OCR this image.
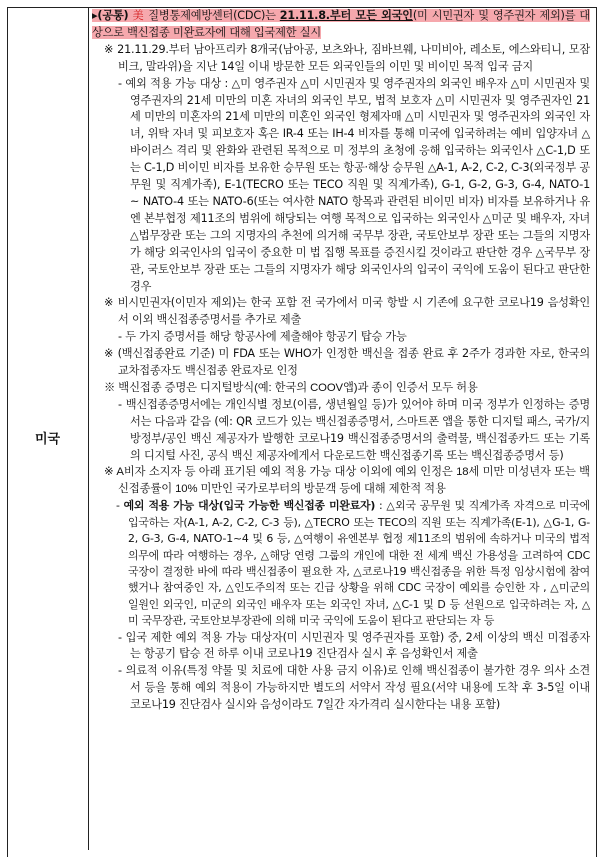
미국

▸(공통) 美 질병통제예방센터(CDC)는 21.11.8.부터 모든 외국인(미 시민권자 및 영주권자 제외)를 대상으로 백신접종 미완료자에 대해 입국제한 실시

※ 21.11.29.부터 남아프리카 8개국(남아공, 보츠와나, 짐바브웨, 나미비아, 레소토, 에스와티니, 모잠비크, 말라위)을 지난 14일 이내 방문한 모든 외국인들의 이민 및 비이민 목적 입국 금지

- 예외 적용 가능 대상 : △미 영주권자 △미 시민권자 및 영주권자의 외국인 배우자 △미 시민권자 및 영주권자의 21세 미만의 미혼 자녀의 외국인 부모, 법적 보호자 △미 시민권자 및 영주권자인 21세 미만의 미혼자의 21세 미만의 미혼인 외국인 형제자매 △미 시민권자 및 영주권자의 외국인 자녀, 위탁 자녀 및 피보호자 혹은 IR-4 또는 IH-4 비자를 통해 미국에 입국하려는 예비 입양자녀 △바이러스 격리 및 완화와 관련된 목적으로 미 정부의 초청에 응해 입국하는 외국인사 △C-1,D 또는 C-1,D 비이민 비자를 보유한 승무원 또는 항공·해상 승무원 △A-1, A-2, C-2, C-3(외국정부 공무원 및 직계가족), E-1(TECRO 또는 TECO 직원 및 직계가족), G-1, G-2, G-3, G-4, NATO-1 ~ NATO-4 또는 NATO-6(또는 여사한 NATO 항목과 관련된 비이민 비자) 비자를 보유하거나 유엔 본부협정 제11조의 범위에 해당되는 여행 목적으로 입국하는 외국인사 △미군 및 배우자, 자녀 △법무장관 또는 그의 지명자의 추천에 의거해 국무부 장관, 국토안보부 장관 또는 그들의 지명자가 해당 외국인사의 입국이 중요한 미 법 집행 목표를 증진시킬 것이라고 판단한 경우 △국무부 장관, 국토안보부 장관 또는 그들의 지명자가 해당 외국인사의 입국이 국익에 도움이 된다고 판단한 경우

※ 비시민권자(이민자 제외)는 한국 포함 전 국가에서 미국 항발 시 기존에 요구한 코로나19 음성확인서 이외 백신접종증명서를 추가로 제출

- 두 가지 증명서를 해당 항공사에 제출해야 항공기 탑승 가능

※ (백신접종완료 기준) 미 FDA 또는 WHO가 인정한 백신을 접종 완료 후 2주가 경과한 자로, 한국의 교차접종자도 백신접종 완료자로 인정

※ 백신접종 증명은 디지털방식(예: 한국의 COOV앱)과 종이 인증서 모두 허용

- 백신접종증명서에는 개인식별 정보(이름, 생년월일 등)가 있어야 하며 미국 정부가 인정하는 증명서는 다음과 같음 (예: QR 코드가 있는 백신접종증명서, 스마트폰 앱을 통한 디지털 패스, 국가/지방정부/공인 백신 제공자가 발행한 코로나19 백신접종증명서의 출력물, 백신접종카드 또는 기록의 디지털 사진, 공식 백신 제공자에게서 다운로드한 백신접종기록 또는 백신접종증명서 등)

※ A비자 소지자 등 아래 표기된 예외 적용 가능 대상 이외에 예외 인정은 18세 미만 미성년자 또는 백신접종률이 10% 미만인 국가로부터의 방문객 등에 대해 제한적 적용

- 예외 적용 가능 대상(입국 가능한 백신접종 미완료자) : △외국 공무원 및 직계가족 자격으로 미국에 입국하는 자(A-1, A-2, C-2, C-3 등), △TECRO 또는 TECO의 직원 또는 직계가족(E-1), △G-1, G-2, G-3, G-4, NATO-1~4 및 6 등, △여행이 유엔본부 협정 제11조의 범위에 속하거나 미국의 법적의무에 따라 여행하는 경우, △해당 연령 그룹의 개인에 대한 전 세계 백신 가용성을 고려하여 CDC 국장이 결정한 바에 따라 백신접종이 필요한 자, △코로나19 백신접종을 위한 특정 임상시험에 참여했거나 참여중인 자, △인도주의적 또는 긴급 상황을 위해 CDC 국장이 예외를 승인한 자 , △미군의 일원인 외국인, 미군의 외국인 배우자 또는 외국인 자녀, △C-1 및 D 등 선원으로 입국하려는 자, △미 국무장관, 국토안보부장관에 의해 미국 국익에 도움이 된다고 판단되는 자 등

- 입국 제한 예외 적용 가능 대상자(미 시민권자 및 영주권자를 포함) 중, 2세 이상의 백신 미접종자는 항공기 탑승 전 하루 이내 코로나19 진단검사 실시 후 음성확인서 제출

- 의료적 이유(특정 약물 및 치료에 대한 사용 금지 이유)로 인해 백신접종이 불가한 경우 의사 소견서 등을 통해 예외 적용이 가능하지만 별도의 서약서 작성 필요(서약 내용에 도착 후 3-5일 이내 코로나19 진단검사 실시와 음성이라도 7일간 자가격리 실시한다는 내용 포함)
